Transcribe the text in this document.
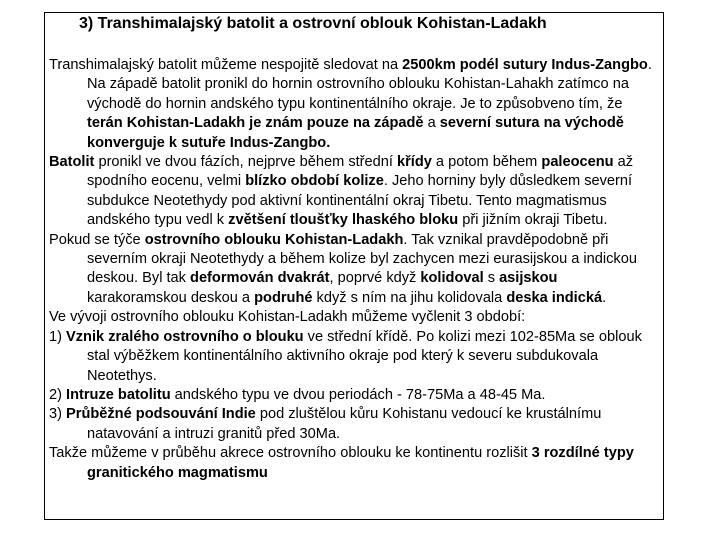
3) Transhimalajský batolit a ostrovní oblouk Kohistan-Ladakh

Transhimalajský batolit můžeme nespojitě sledovat na 2500km podél sutury Indus-Zangbo. Na západě batolit pronikl do hornin ostrovního oblouku Kohistan-Lahakh zatímco na východě do hornin andského typu kontinentálního okraje. Je to způsobveno tím, že terán Kohistan-Ladakh je znám pouze na západě a severní sutura na východě konverguje k sutuře Indus-Zangbo.

Batolit pronikl ve dvou fázích, nejprve během střední křídy a potom během paleocenu až spodního eocenu, velmi blízko období kolize. Jeho horniny byly důsledkem severní subdukce Neotethydy pod aktivní kontinentální okraj Tibetu. Tento magmatismus andského typu vedl k zvětšení tloušťky lhaského bloku při jižním okraji Tibetu.

Pokud se týče ostrovního oblouku Kohistan-Ladakh. Tak vznikal pravděpodobně při severním okraji Neotethydy a během kolize byl zachycen mezi eurasijskou a indickou deskou. Byl tak deformován dvakrát, poprvé když kolidoval s asijskou karakoramskou deskou a podruhé když s ním na jihu kolidovala deska indická.

Ve vývoji ostrovního oblouku Kohistan-Ladakh můžeme vyčlenit 3 období:

1) Vznik zralého ostrovního o blouku ve střední křídě. Po kolizi mezi 102-85Ma se oblouk stal výběžkem kontinentálního aktivního okraje pod který k severu subdukovala Neotethys.

2) Intruze batolitu andského typu ve dvou periodách - 78-75Ma a 48-45 Ma.

3) Průběžné podsouvání Indie pod zluštělou kůru Kohistanu vedoucí ke krustálnímu natavování a intruzi granitů před 30Ma.

Takže můžeme v průběhu akrece ostrovního oblouku ke kontinentu rozlišit 3 rozdílné typy granitického magmatismu
